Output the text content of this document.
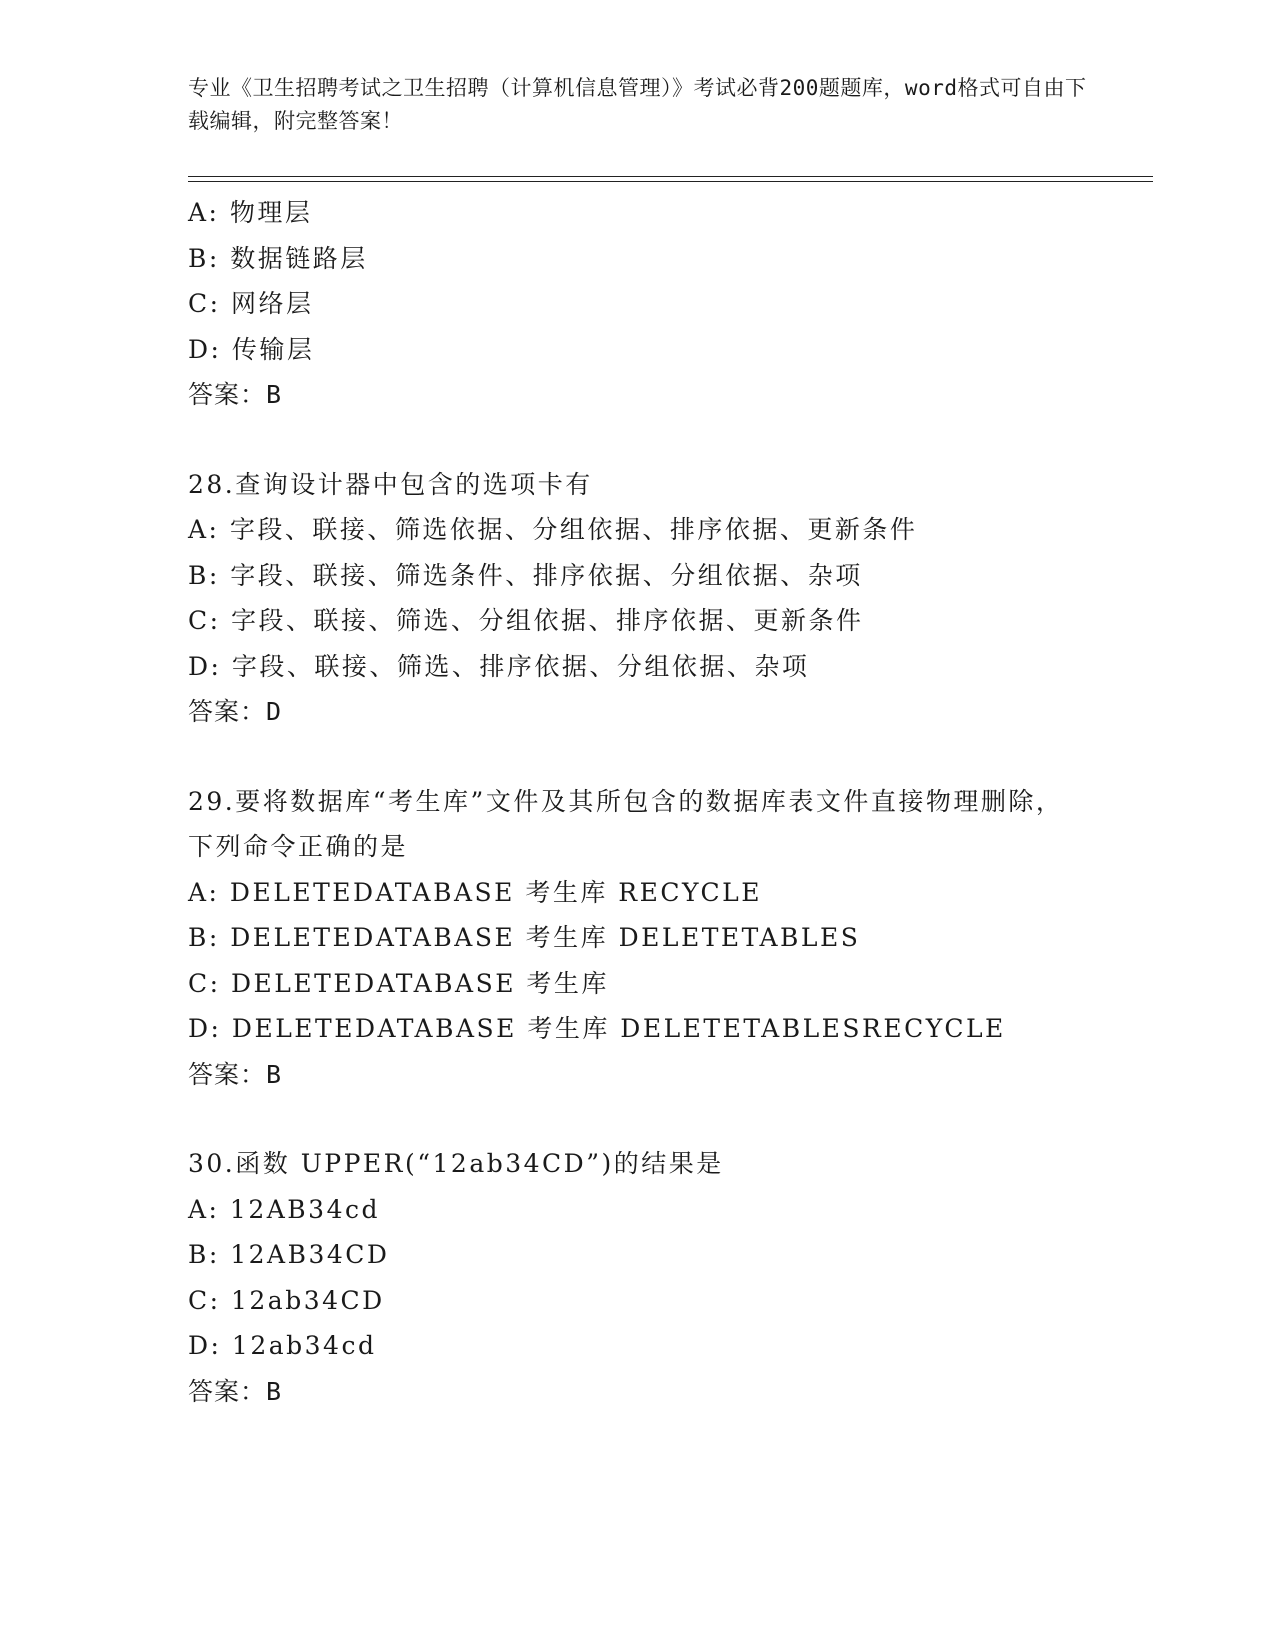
专业《卫生招聘考试之卫生招聘（计算机信息管理）》考试必背200题题库，word格式可自由下载编辑，附完整答案！
A: 物理层
B: 数据链路层
C: 网络层
D: 传输层
答案：B
28.查询设计器中包含的选项卡有
A: 字段、联接、筛选依据、分组依据、排序依据、更新条件
B: 字段、联接、筛选条件、排序依据、分组依据、杂项
C: 字段、联接、筛选、分组依据、排序依据、更新条件
D: 字段、联接、筛选、排序依据、分组依据、杂项
答案：D
29.要将数据库“考生库”文件及其所包含的数据库表文件直接物理删除，下列命令正确的是
A: DELETEDATABASE 考生库 RECYCLE
B: DELETEDATABASE 考生库 DELETETABLES
C: DELETEDATABASE 考生库
D: DELETEDATABASE 考生库 DELETETABLESRECYCLE
答案：B
30.函数 UPPER(“12ab34CD”)的结果是
A: 12AB34cd
B: 12AB34CD
C: 12ab34CD
D: 12ab34cd
答案：B
